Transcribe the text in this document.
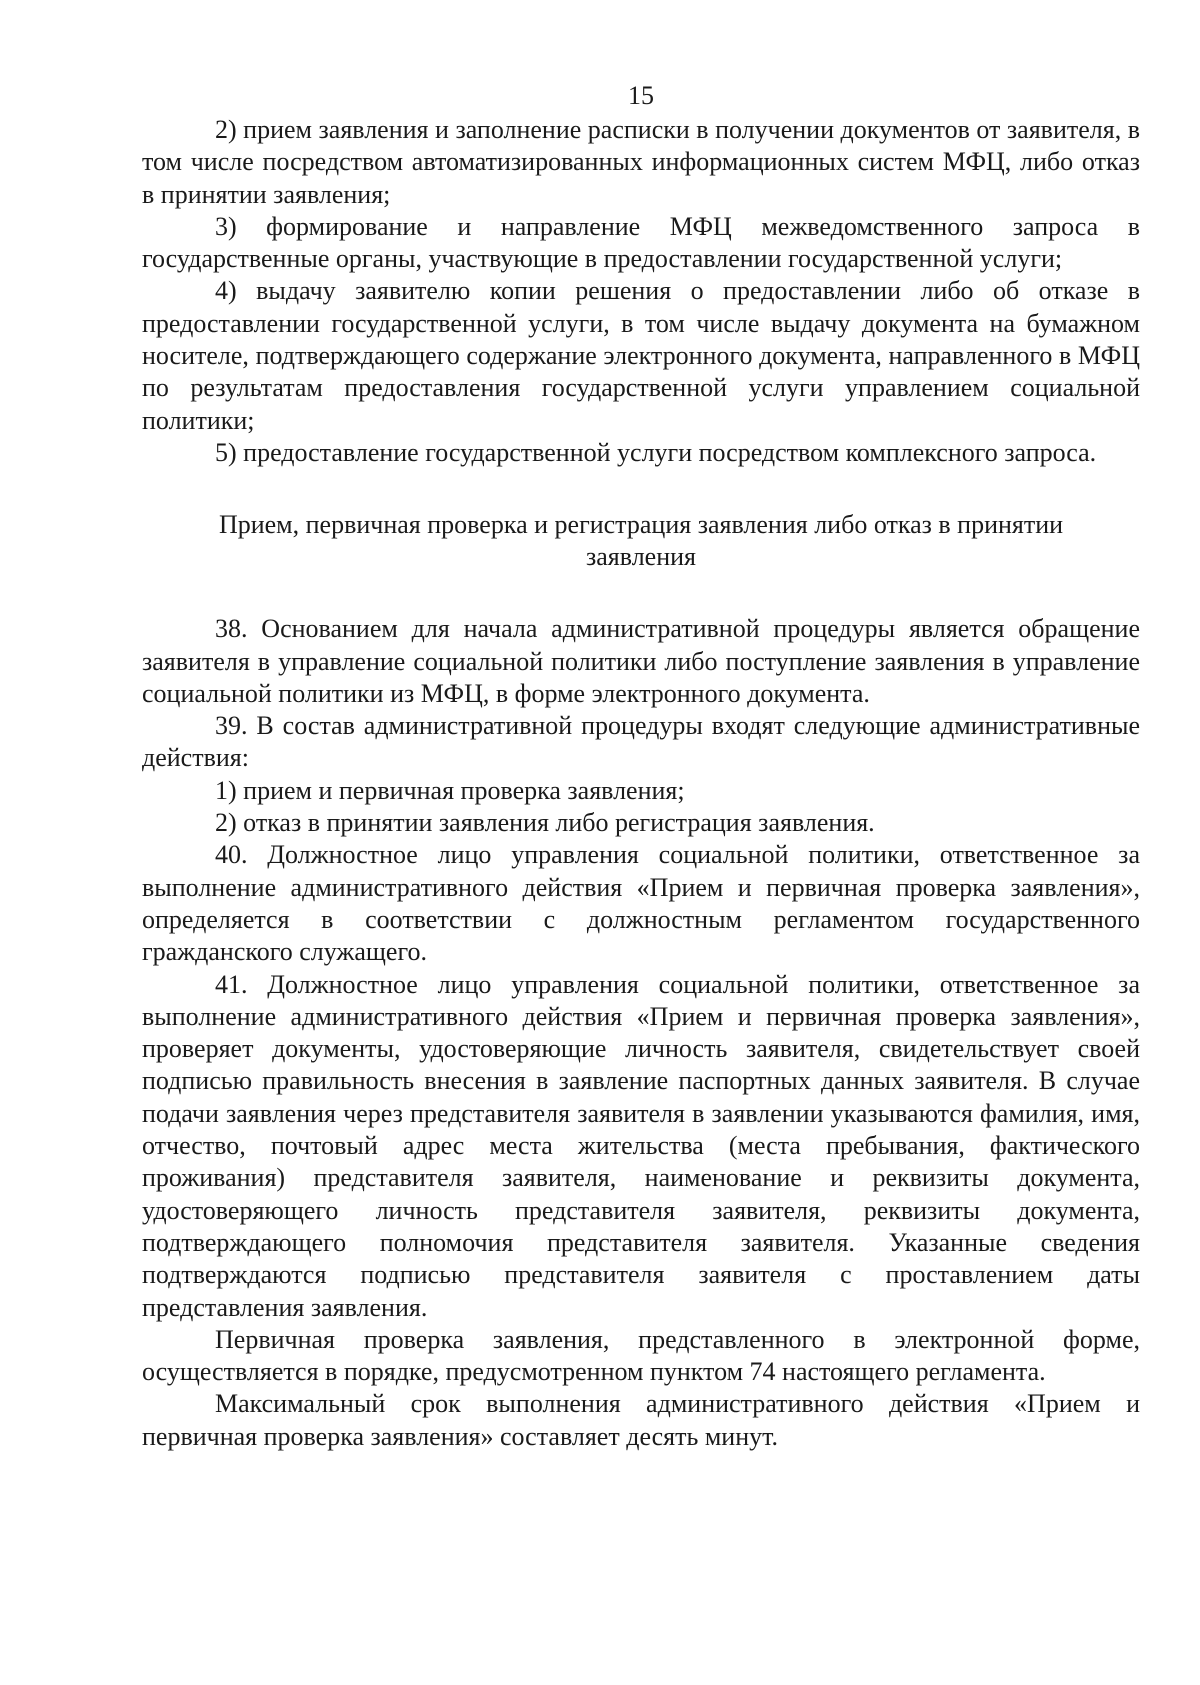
15

2) прием заявления и заполнение расписки в получении документов от заявителя, в том числе посредством автоматизированных информационных систем МФЦ, либо отказ в принятии заявления;

3) формирование и направление МФЦ межведомственного запроса в государственные органы, участвующие в предоставлении государственной услуги;

4) выдачу заявителю копии решения о предоставлении либо об отказе в предоставлении государственной услуги, в том числе выдачу документа на бумажном носителе, подтверждающего содержание электронного документа, направленного в МФЦ по результатам предоставления государственной услуги управлением социальной политики;

5) предоставление государственной услуги посредством комплексного запроса.

Прием, первичная проверка и регистрация заявления либо отказ в принятии заявления

38. Основанием для начала административной процедуры является обращение заявителя в управление социальной политики либо поступление заявления в управление социальной политики из МФЦ, в форме электронного документа.

39. В состав административной процедуры входят следующие административные действия:

1) прием и первичная проверка заявления;

2) отказ в принятии заявления либо регистрация заявления.

40. Должностное лицо управления социальной политики, ответственное за выполнение административного действия «Прием и первичная проверка заявления», определяется в соответствии с должностным регламентом государственного гражданского служащего.

41. Должностное лицо управления социальной политики, ответственное за выполнение административного действия «Прием и первичная проверка заявления», проверяет документы, удостоверяющие личность заявителя, свидетельствует своей подписью правильность внесения в заявление паспортных данных заявителя. В случае подачи заявления через представителя заявителя в заявлении указываются фамилия, имя, отчество, почтовый адрес места жительства (места пребывания, фактического проживания) представителя заявителя, наименование и реквизиты документа, удостоверяющего личность представителя заявителя, реквизиты документа, подтверждающего полномочия представителя заявителя. Указанные сведения подтверждаются подписью представителя заявителя с проставлением даты представления заявления.

Первичная проверка заявления, представленного в электронной форме, осуществляется в порядке, предусмотренном пунктом 74 настоящего регламента.

Максимальный срок выполнения административного действия «Прием и первичная проверка заявления» составляет десять минут.
